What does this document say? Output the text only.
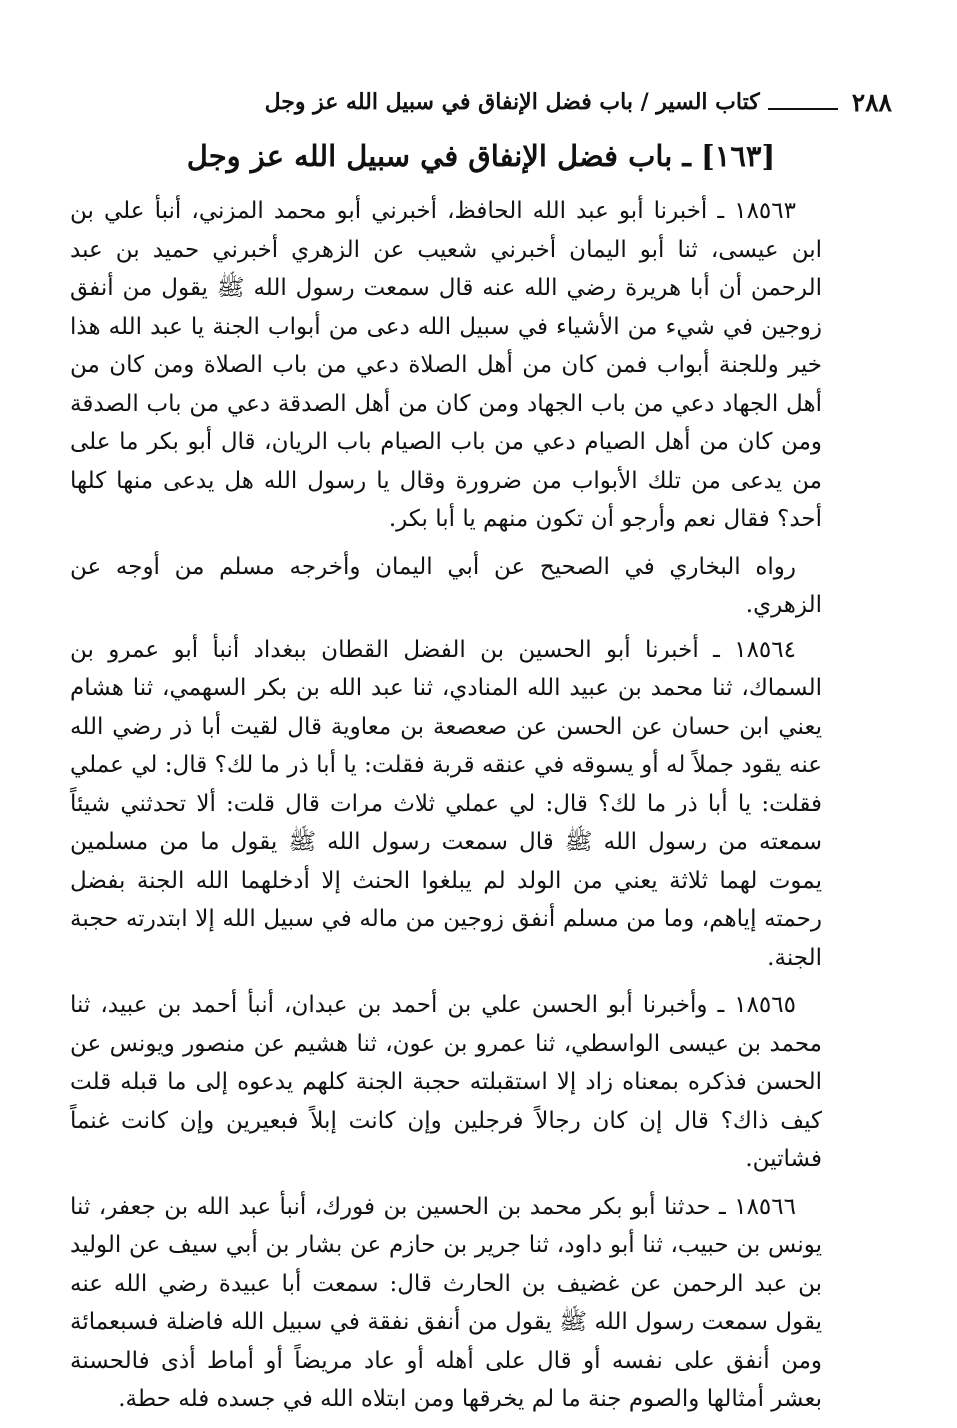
٢٨٨
كتاب السير / باب فضل الإنفاق في سبيل الله عز وجل
[١٦٣] ـ باب فضل الإنفاق في سبيل الله عز وجل

١٨٥٦٣ ـ أخبرنا أبو عبد الله الحافظ، أخبرني أبو محمد المزني، أنبأ علي بن ابن عيسى، ثنا أبو اليمان أخبرني شعيب عن الزهري أخبرني حميد بن عبد الرحمن أن أبا هريرة رضي الله عنه قال سمعت رسول الله ﷺ يقول من أنفق زوجين في شيء من الأشياء في سبيل الله دعى من أبواب الجنة يا عبد الله هذا خير وللجنة أبواب فمن كان من أهل الصلاة دعي من باب الصلاة ومن كان من أهل الجهاد دعي من باب الجهاد ومن كان من أهل الصدقة دعي من باب الصدقة ومن كان من أهل الصيام دعي من باب الصيام باب الريان، قال أبو بكر ما على من يدعى من تلك الأبواب من ضرورة وقال يا رسول الله هل يدعى منها كلها أحد؟ فقال نعم وأرجو أن تكون منهم يا أبا بكر.

رواه البخاري في الصحيح عن أبي اليمان وأخرجه مسلم من أوجه عن الزهري.

١٨٥٦٤ ـ أخبرنا أبو الحسين بن الفضل القطان ببغداد أنبأ أبو عمرو بن السماك، ثنا محمد بن عبيد الله المنادي، ثنا عبد الله بن بكر السهمي، ثنا هشام يعني ابن حسان عن الحسن عن صعصعة بن معاوية قال لقيت أبا ذر رضي الله عنه يقود جملاً له أو يسوقه في عنقه قربة فقلت: يا أبا ذر ما لك؟ قال: لي عملي فقلت: يا أبا ذر ما لك؟ قال: لي عملي ثلاث مرات قال قلت: ألا تحدثني شيئاً سمعته من رسول الله ﷺ قال سمعت رسول الله ﷺ يقول ما من مسلمين يموت لهما ثلاثة يعني من الولد لم يبلغوا الحنث إلا أدخلهما الله الجنة بفضل رحمته إياهم، وما من مسلم أنفق زوجين من ماله في سبيل الله إلا ابتدرته حجبة الجنة.

١٨٥٦٥ ـ وأخبرنا أبو الحسن علي بن أحمد بن عبدان، أنبأ أحمد بن عبيد، ثنا محمد بن عيسى الواسطي، ثنا عمرو بن عون، ثنا هشيم عن منصور ويونس عن الحسن فذكره بمعناه زاد إلا استقبلته حجبة الجنة كلهم يدعوه إلى ما قبله قلت كيف ذاك؟ قال إن كان رجالاً فرجلين وإن كانت إبلاً فبعيرين وإن كانت غنماً فشاتين.

١٨٥٦٦ ـ حدثنا أبو بكر محمد بن الحسين بن فورك، أنبأ عبد الله بن جعفر، ثنا يونس بن حبيب، ثنا أبو داود، ثنا جرير بن حازم عن بشار بن أبي سيف عن الوليد بن عبد الرحمن عن غضيف بن الحارث قال: سمعت أبا عبيدة رضي الله عنه يقول سمعت رسول الله ﷺ يقول من أنفق نفقة في سبيل الله فاضلة فسبعمائة ومن أنفق على نفسه أو قال على أهله أو عاد مريضاً أو أماط أذى فالحسنة بعشر أمثالها والصوم جنة ما لم يخرقها ومن ابتلاه الله في جسده فله حطة.
